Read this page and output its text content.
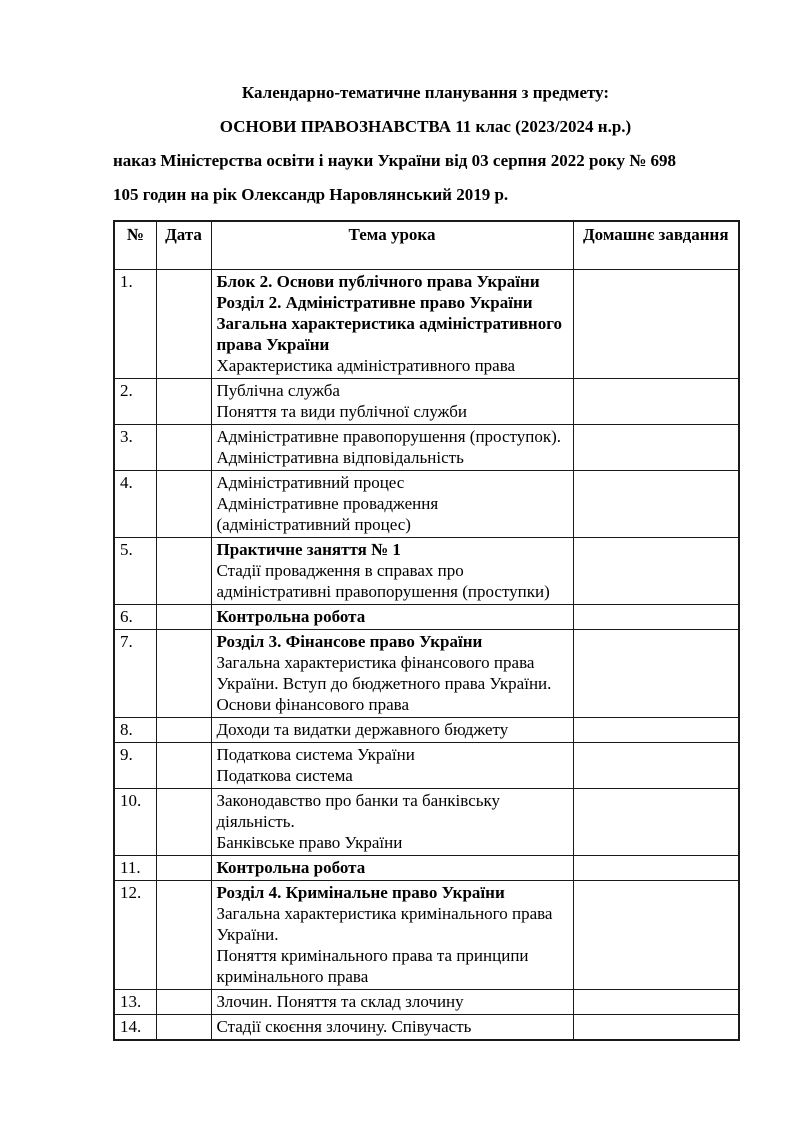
Календарно-тематичне планування з предмету:

ОСНОВИ ПРАВОЗНАВСТВА 11 клас (2023/2024 н.р.)

наказ Міністерства освіти і науки України від 03 серпня 2022 року № 698

105 годин на рік Олександр Наровлянський 2019 р.

№	Дата	Тема урока	Домашнє завдання
1.		Блок 2. Основи публічного права України
Розділ 2. Адміністративне право України
Загальна характеристика адміністративного права України
Характеристика адміністративного права	

2.		Публічна служба
Поняття та види публічної служби	

3.		Адміністративне правопорушення (проступок). Адміністративна відповідальність	

4.		Адміністративний процес
Адміністративне провадження (адміністративний процес)	

5.		Практичне заняття № 1
Стадії провадження в справах про адміністративні правопорушення (проступки)	

6.		Контрольна робота	

7.		Розділ 3. Фінансове право України
Загальна характеристика фінансового права України. Вступ до бюджетного права України. Основи фінансового права	

8.		Доходи та видатки державного бюджету	

9.		Податкова система України
Податкова система	

10.		Законодавство про банки та банківську діяльність.
Банківське право України	

11.		Контрольна робота	

12.		Розділ 4. Кримінальне право України
Загальна характеристика кримінального права України.
Поняття кримінального права та принципи кримінального права	

13.		Злочин. Поняття та склад злочину	

14.		Стадії скоєння злочину. Співучасть	
